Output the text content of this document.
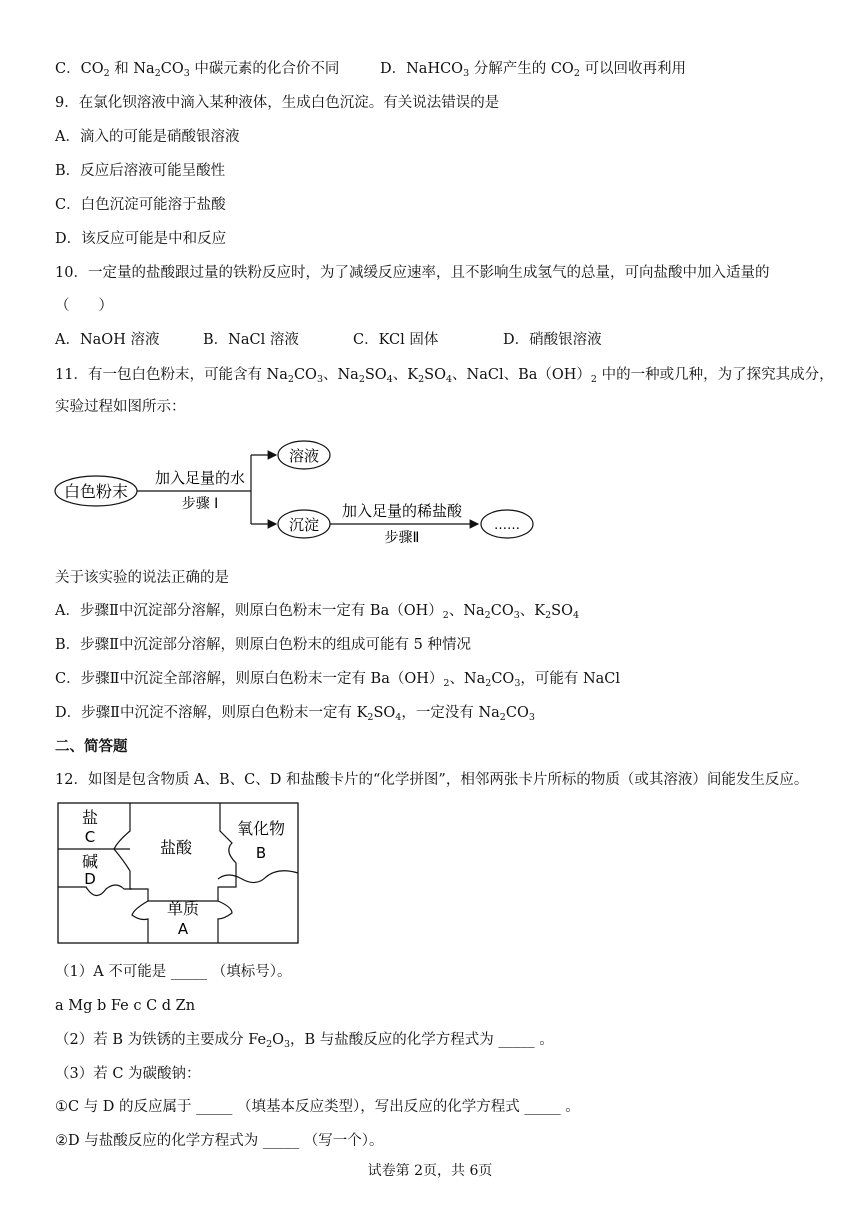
C．$CO_2$ 和 $Na_2CO_3$ 中碳元素的化合价不同	D．NaHCO$_3$ 分解产生的 $CO_2$ 可以回收再利用
9．在氯化钡溶液中滴入某种液体，生成白色沉淀。有关说法错误的是
A．滴入的可能是硝酸银溶液
B．反应后溶液可能呈酸性
C．白色沉淀可能溶于盐酸
D．该反应可能是中和反应
10．一定量的盐酸跟过量的铁粉反应时，为了减缓反应速率，且不影响生成氢气的总量，可向盐酸中加入适量的
（　　）
A．NaOH 溶液	B．NaCl 溶液	C．KCl 固体	D．硝酸银溶液
11．有一包白色粉末，可能含有 $Na_2CO_3$、$Na_2SO_4$、$K_2SO_4$、NaCl、$Ba(OH)_2$ 中的一种或几种，为了探究其成分，
实验过程如图所示：
白色粉末
加入足量的水
步骤 I
溶液
沉淀
加入足量的稀盐酸
步骤Ⅱ
……
关于该实验的说法正确的是
A．步骤Ⅱ中沉淀部分溶解，则原白色粉末一定有 $Ba(OH)_2$、$Na_2CO_3$、$K_2SO_4$
B．步骤Ⅱ中沉淀部分溶解，则原白色粉末的组成可能有 5 种情况
C．步骤Ⅱ中沉淀全部溶解，则原白色粉末一定有 $Ba(OH)_2$、$Na_2CO_3$，可能有 NaCl
D．步骤Ⅱ中沉淀不溶解，则原白色粉末一定有 $K_2SO_4$，一定没有 $Na_2CO_3$
二、简答题
12．如图是包含物质 A、B、C、D 和盐酸卡片的“化学拼图”，相邻两张卡片所标的物质（或其溶液）间能发生反应。
盐
C
碱
D
盐酸
氧化物
B
单质
A
（1）A 不可能是 _____ （填标号）。
a Mg b Fe c C d Zn
（2）若 B 为铁锈的主要成分 $Fe_2O_3$，B 与盐酸反应的化学方程式为 _____ 。
（3）若 C 为碳酸钠：
①C 与 D 的反应属于 _____ （填基本反应类型），写出反应的化学方程式 _____ 。
②D 与盐酸反应的化学方程式为 _____ （写一个）。
试卷第 2页，共 6页
